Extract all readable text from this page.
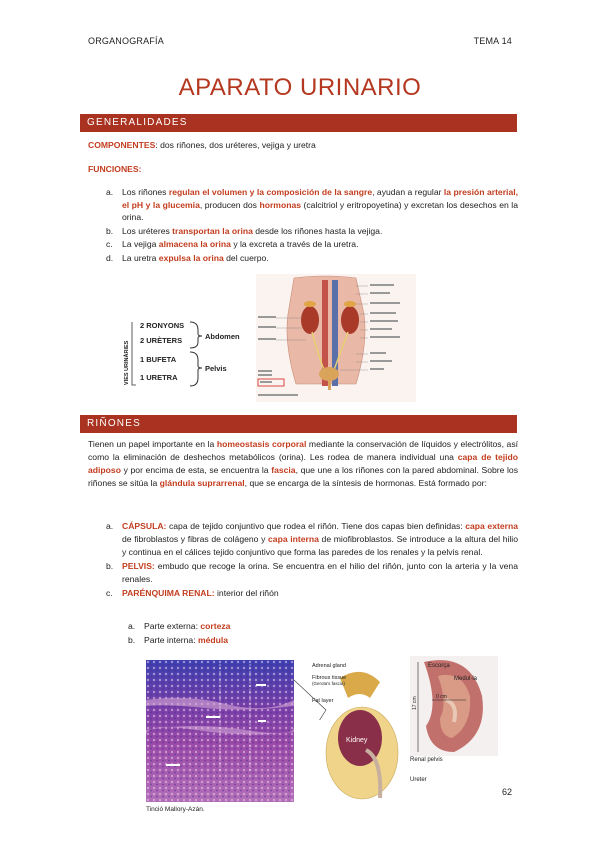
ORGANOGRAFÍA	TEMA 14
APARATO URINARIO
GENERALIDADES
COMPONENTES: dos riñones, dos uréteres, vejiga y uretra
FUNCIONES:
a. Los riñones regulan el volumen y la composición de la sangre, ayudan a regular la presión arterial, el pH y la glucemia, producen dos hormonas (calcitriol y eritropoyetina) y excretan los desechos en la orina.
b. Los uréteres transportan la orina desde los riñones hasta la vejiga.
c. La vejiga almacena la orina y la excreta a través de la uretra.
d. La uretra expulsa la orina del cuerpo.
VIES URINÀRIES
2 RONYONS
2 URÈTERS
1 BUFETA
1 URETRA
Abdomen
Pelvis
RIÑONES
Tienen un papel importante en la homeostasis corporal mediante la conservación de líquidos y electrólitos, así como la eliminación de deshechos metabólicos (orina). Les rodea de manera individual una capa de tejido adiposo y por encima de esta, se encuentra la fascia, que une a los riñones con la pared abdominal. Sobre los riñones se sitúa la glándula suprarrenal, que se encarga de la síntesis de hormonas. Está formado por:
a. CÁPSULA: capa de tejido conjuntivo que rodea el riñón. Tiene dos capas bien definidas: capa externa de fibroblastos y fibras de colágeno y capa interna de miofibroblastos. Se introduce a la altura del hilio y continua en el cálices tejido conjuntivo que forma las paredes de los renales y la pelvis renal.
b. PELVIS: embudo que recoge la orina. Se encuentra en el hilio del riñón, junto con la arteria y la vena renales.
c. PARÉNQUIMA RENAL: interior del riñón
a. Parte externa: corteza
b. Parte interna: médula
Tinció Mallory-Azán.
Kidney
Adrenal gland
Fibrous tissue
(Gerota's fascia)
Fat layer
Renal pelvis
Ureter
17 cm	0 cm
Escorça
Medul·la
62
